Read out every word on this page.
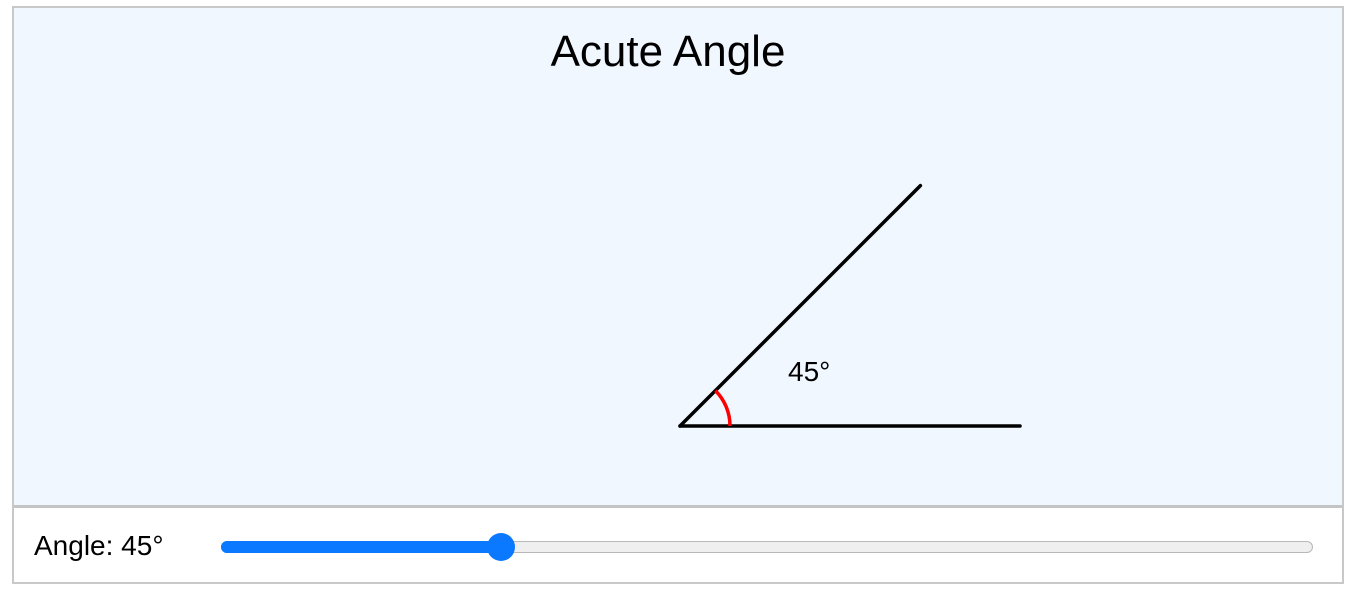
Acute Angle
45°
Angle: 45°
